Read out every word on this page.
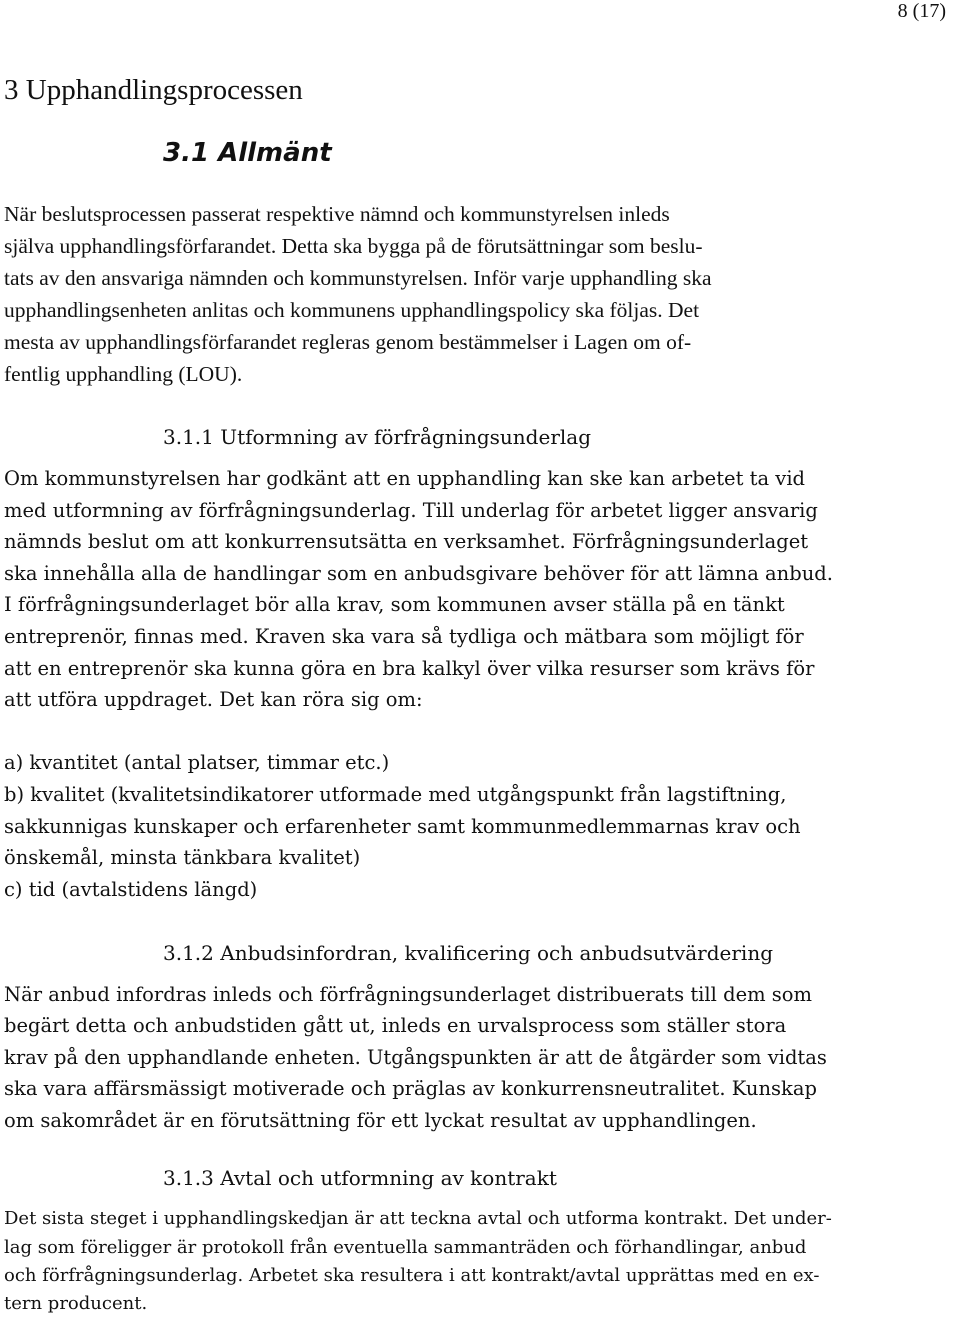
8 (17)

3 Upphandlingsprocessen
3.1 Allmänt

När beslutsprocessen passerat respektive nämnd och kommunstyrelsen inleds

själva upphandlingsförfarandet. Detta ska bygga på de förutsättningar som beslu-

tats av den ansvariga nämnden och kommunstyrelsen. Inför varje upphandling ska

upphandlingsenheten anlitas och kommunens upphandlingspolicy ska följas. Det

mesta av upphandlingsförfarandet regleras genom bestämmelser i Lagen om of-

fentlig upphandling (LOU).

3.1.1 Utformning av förfrågningsunderlag

Om kommunstyrelsen har godkänt att en upphandling kan ske kan arbetet ta vid

med utformning av förfrågningsunderlag. Till underlag för arbetet ligger ansvarig

nämnds beslut om att konkurrensutsätta en verksamhet. Förfrågningsunderlaget

ska innehålla alla de handlingar som en anbudsgivare behöver för att lämna anbud.

I förfrågningsunderlaget bör alla krav, som kommunen avser ställa på en tänkt

entreprenör, finnas med. Kraven ska vara så tydliga och mätbara som möjligt för

att en entreprenör ska kunna göra en bra kalkyl över vilka resurser som krävs för

att utföra uppdraget. Det kan röra sig om:

a) kvantitet (antal platser, timmar etc.)

b) kvalitet (kvalitetsindikatorer utformade med utgångspunkt från lagstiftning,

sakkunnigas kunskaper och erfarenheter samt kommunmedlemmarnas krav och

önskemål, minsta tänkbara kvalitet)

c) tid (avtalstidens längd)

3.1.2 Anbudsinfordran, kvalificering och anbudsutvärdering

När anbud infordras inleds och förfrågningsunderlaget distribuerats till dem som

begärt detta och anbudstiden gått ut, inleds en urvalsprocess som ställer stora

krav på den upphandlande enheten. Utgångspunkten är att de åtgärder som vidtas

ska vara affärsmässigt motiverade och präglas av konkurrensneutralitet. Kunskap

om sakområdet är en förutsättning för ett lyckat resultat av upphandlingen.

3.1.3 Avtal och utformning av kontrakt

Det sista steget i upphandlingskedjan är att teckna avtal och utforma kontrakt. Det under-

lag som föreligger är protokoll från eventuella sammanträden och förhandlingar, anbud

och förfrågningsunderlag. Arbetet ska resultera i att kontrakt/avtal upprättas med en ex-

tern producent.
